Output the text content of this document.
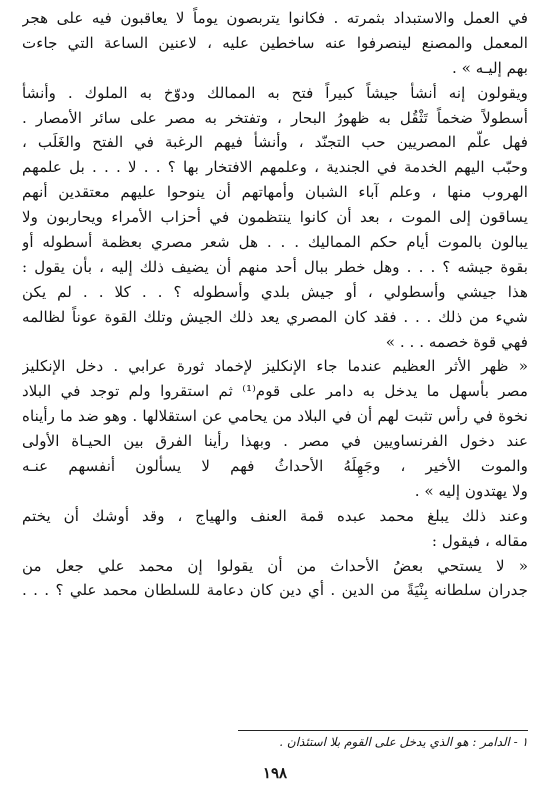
في العمل والاستبداد بثمرته . فكانوا يتربصون يوماً لا يعاقبون فيه على هجر
المعمل والمصنع لينصرفوا عنه ساخطين عليه ، لاعنين الساعة التي جاءت
بهم إليـه » .
ويقولون إنه أنشأ جيشاً كبيراً فتح به الممالك ودوّخ به الملوك . وأنشأ
أسطولاً ضخماً تَثْقُل به ظهورُ البحار ، وتفتخر به مصر على سائر الأمصار .
فهل علّم المصريين حب التجنّد ، وأنشأ فيهم الرغبة في الفتح والغَلَب ،
وحبّب اليهم الخدمة في الجندية ، وعلمهم الافتخار بها ؟ . . لا . . . بل علمهم
الهروب منها ، وعلم آباء الشبان وأمهاتهم أن ينوحوا عليهم معتقدين أنهم
يساقون إلى الموت ، بعد أن كانوا ينتظمون في أحزاب الأمراء ويحاربون ولا
يبالون بالموت أيام حكم المماليك . . . هل شعر مصري بعظمة أسطوله أو
بقوة جيشه ؟ . . . وهل خطر ببال أحد منهم أن يضيف ذلك إليه ، بأن يقول :
هذا جيشي وأسطولي ، أو جيش بلدي وأسطوله ؟ . . كلا . . لم يكن
شيء من ذلك . . . فقد كان المصري يعد ذلك الجيش وتلك القوة عوناً لظالمه
فهي قوة خصمه . . . »
« ظهر الأثر العظيم عندما جاء الإنكليز لإخماد ثورة عرابي . دخل الإنكليز
مصر بأسهل ما يدخل به دامر على قوم⁽¹⁾ ثم استقروا ولم توجد في البلاد
نخوة في رأس تثبت لهم أن في البلاد من يحامي عن استقلالها . وهو ضد ما رأيناه
عند دخول الفرنساويين في مصر . وبهذا رأينا الفرق بين الحيـاة الأولى
والموت الأخير ، وجَهِلَهُ الأحداثُ فهم لا يسألون أنفسهم عنـه
ولا يهتدون إليه » .
وعند ذلك يبلغ محمد عبده قمة العنف والهياج ، وقد أوشك أن يختم
مقاله ، فيقول :
« لا يستحي بعضُ الأحداث من أن يقولوا إن محمد علي جعل من
جدران سلطانه بِنْيَةً من الدين . أي دين كان دعامة للسلطان محمد علي ؟ . . .
١ - الدامر : هو الذي يدخل على القوم بلا استئذان .
١٩٨
